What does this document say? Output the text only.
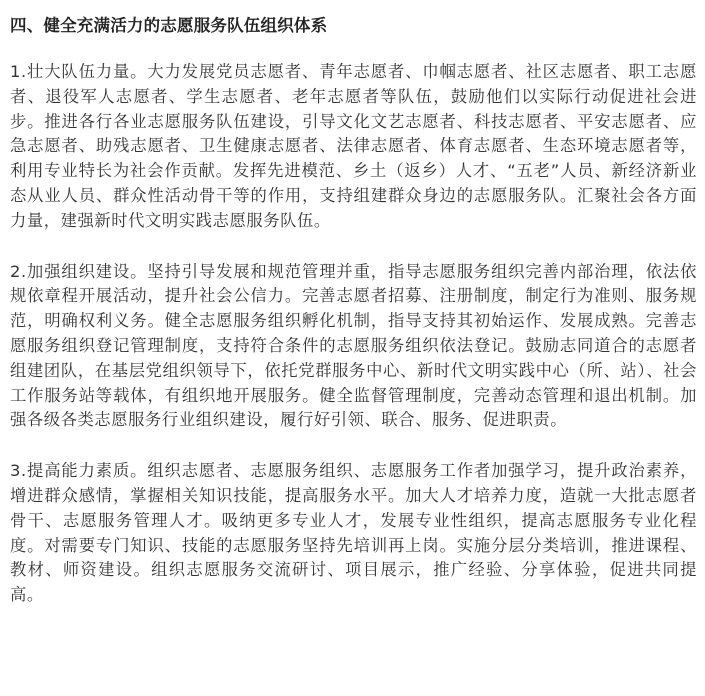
四、健全充满活力的志愿服务队伍组织体系

1.壮大队伍力量。大力发展党员志愿者、青年志愿者、巾帼志愿者、社区志愿者、职工志愿者、退役军人志愿者、学生志愿者、老年志愿者等队伍，鼓励他们以实际行动促进社会进步。推进各行各业志愿服务队伍建设，引导文化文艺志愿者、科技志愿者、平安志愿者、应急志愿者、助残志愿者、卫生健康志愿者、法律志愿者、体育志愿者、生态环境志愿者等，利用专业特长为社会作贡献。发挥先进模范、乡土（返乡）人才、“五老”人员、新经济新业态从业人员、群众性活动骨干等的作用，支持组建群众身边的志愿服务队。汇聚社会各方面力量，建强新时代文明实践志愿服务队伍。

2.加强组织建设。坚持引导发展和规范管理并重，指导志愿服务组织完善内部治理，依法依规依章程开展活动，提升社会公信力。完善志愿者招募、注册制度，制定行为准则、服务规范，明确权利义务。健全志愿服务组织孵化机制，指导支持其初始运作、发展成熟。完善志愿服务组织登记管理制度，支持符合条件的志愿服务组织依法登记。鼓励志同道合的志愿者组建团队，在基层党组织领导下，依托党群服务中心、新时代文明实践中心（所、站）、社会工作服务站等载体，有组织地开展服务。健全监督管理制度，完善动态管理和退出机制。加强各级各类志愿服务行业组织建设，履行好引领、联合、服务、促进职责。

3.提高能力素质。组织志愿者、志愿服务组织、志愿服务工作者加强学习，提升政治素养，增进群众感情，掌握相关知识技能，提高服务水平。加大人才培养力度，造就一大批志愿者骨干、志愿服务管理人才。吸纳更多专业人才，发展专业性组织，提高志愿服务专业化程度。对需要专门知识、技能的志愿服务坚持先培训再上岗。实施分层分类培训，推进课程、教材、师资建设。组织志愿服务交流研讨、项目展示，推广经验、分享体验，促进共同提高。
